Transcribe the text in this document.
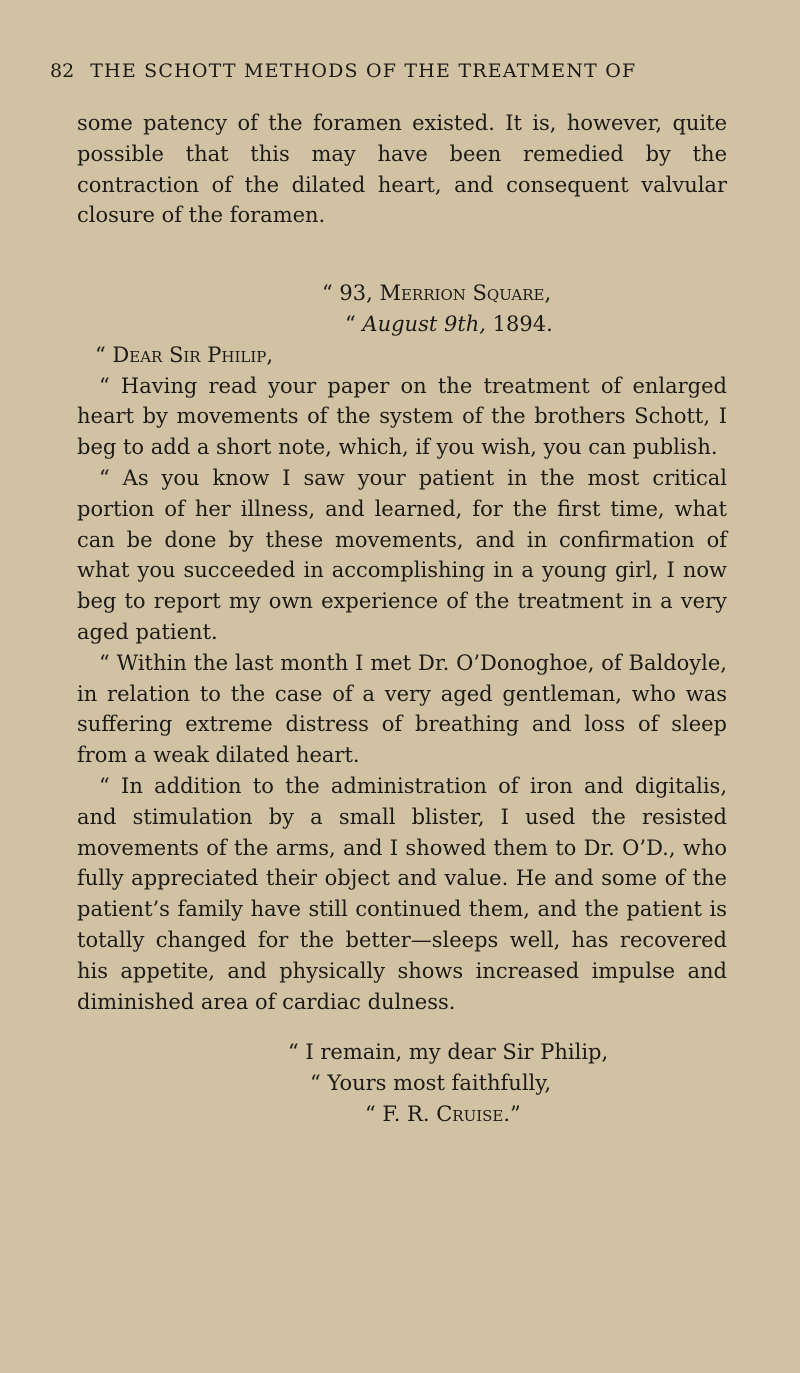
82 THE SCHOTT METHODS OF THE TREATMENT OF

some patency of the foramen existed. It is, however, quite possible that this may have been remedied by the contraction of the dilated heart, and consequent valvular closure of the foramen.

“ 93, Merrion Square,
“ August 9th, 1894.
“ Dear Sir Philip,

“ Having read your paper on the treatment of enlarged heart by movements of the system of the brothers Schott, I beg to add a short note, which, if you wish, you can publish.

“ As you know I saw your patient in the most critical portion of her illness, and learned, for the first time, what can be done by these movements, and in confirmation of what you succeeded in accomplishing in a young girl, I now beg to report my own experience of the treatment in a very aged patient.

“ Within the last month I met Dr. O’Donoghoe, of Baldoyle, in relation to the case of a very aged gentleman, who was suffering extreme distress of breathing and loss of sleep from a weak dilated heart.

“ In addition to the administration of iron and digitalis, and stimulation by a small blister, I used the resisted movements of the arms, and I showed them to Dr. O’D., who fully appreciated their object and value. He and some of the patient’s family have still continued them, and the patient is totally changed for the better—sleeps well, has recovered his appetite, and physically shows increased impulse and diminished area of cardiac dulness.

“ I remain, my dear Sir Philip,
“ Yours most faithfully,
“ F. R. Cruise.”
